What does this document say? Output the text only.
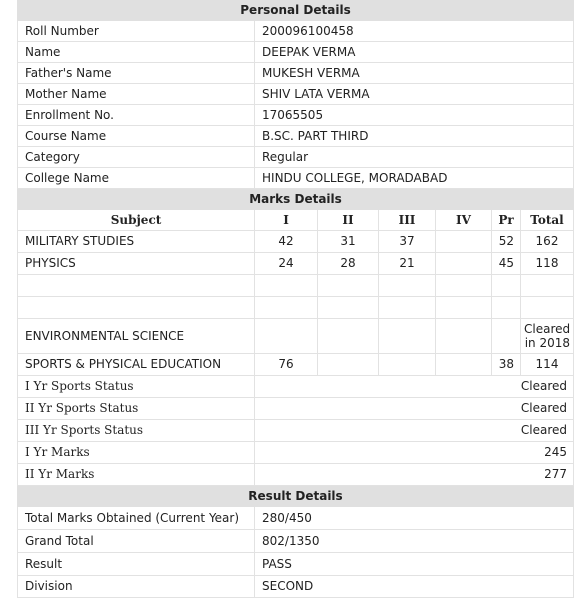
Personal Details	
Roll Number	200096100458
Name	DEEPAK VERMA
Father's Name	MUKESH VERMA
Mother Name	SHIV LATA VERMA
Enrollment No.	17065505
Course Name	B.SC. PART THIRD
Category	Regular
College Name	HINDU COLLEGE, MORADABAD
Marks Details						
Subject	I	II	III	IV	Pr	Total
MILITARY STUDIES	42	31	37		52	162
PHYSICS	24	28	21		45	118

ENVIRONMENTAL SCIENCE						Cleared in 2018
SPORTS & PHYSICAL EDUCATION	76				38	114
I Yr Sports Status	Cleared					
II Yr Sports Status	Cleared					
III Yr Sports Status	Cleared					
I Yr Marks	245					
II Yr Marks	277					
Result Details	
Total Marks Obtained (Current Year)	280/450
Grand Total	802/1350
Result	PASS
Division	SECOND
